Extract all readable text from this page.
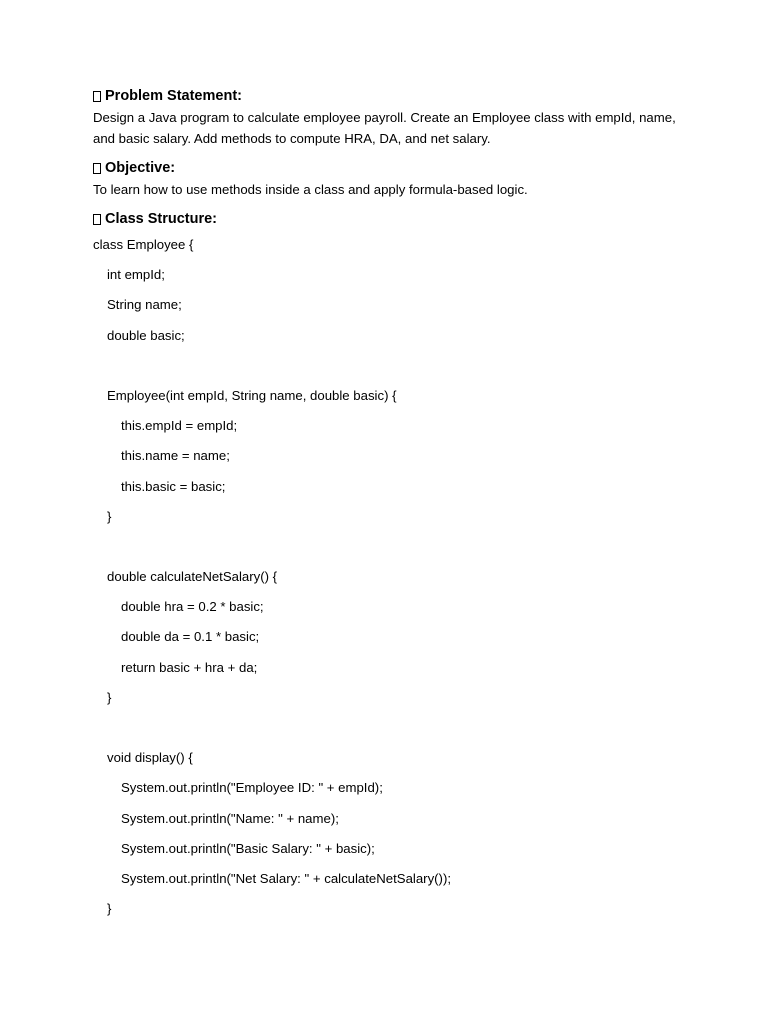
Problem Statement:

Design a Java program to calculate employee payroll. Create an Employee class with empId, name, and basic salary. Add methods to compute HRA, DA, and net salary.

Objective:

To learn how to use methods inside a class and apply formula-based logic.

Class Structure:
class Employee {
int empId;
String name;
double basic;
Employee(int empId, String name, double basic) {
this.empId = empId;
this.name = name;
this.basic = basic;
}
double calculateNetSalary() {
double hra = 0.2 * basic;
double da = 0.1 * basic;
return basic + hra + da;
}
void display() {
System.out.println("Employee ID: " + empId);
System.out.println("Name: " + name);
System.out.println("Basic Salary: " + basic);
System.out.println("Net Salary: " + calculateNetSalary());
}
